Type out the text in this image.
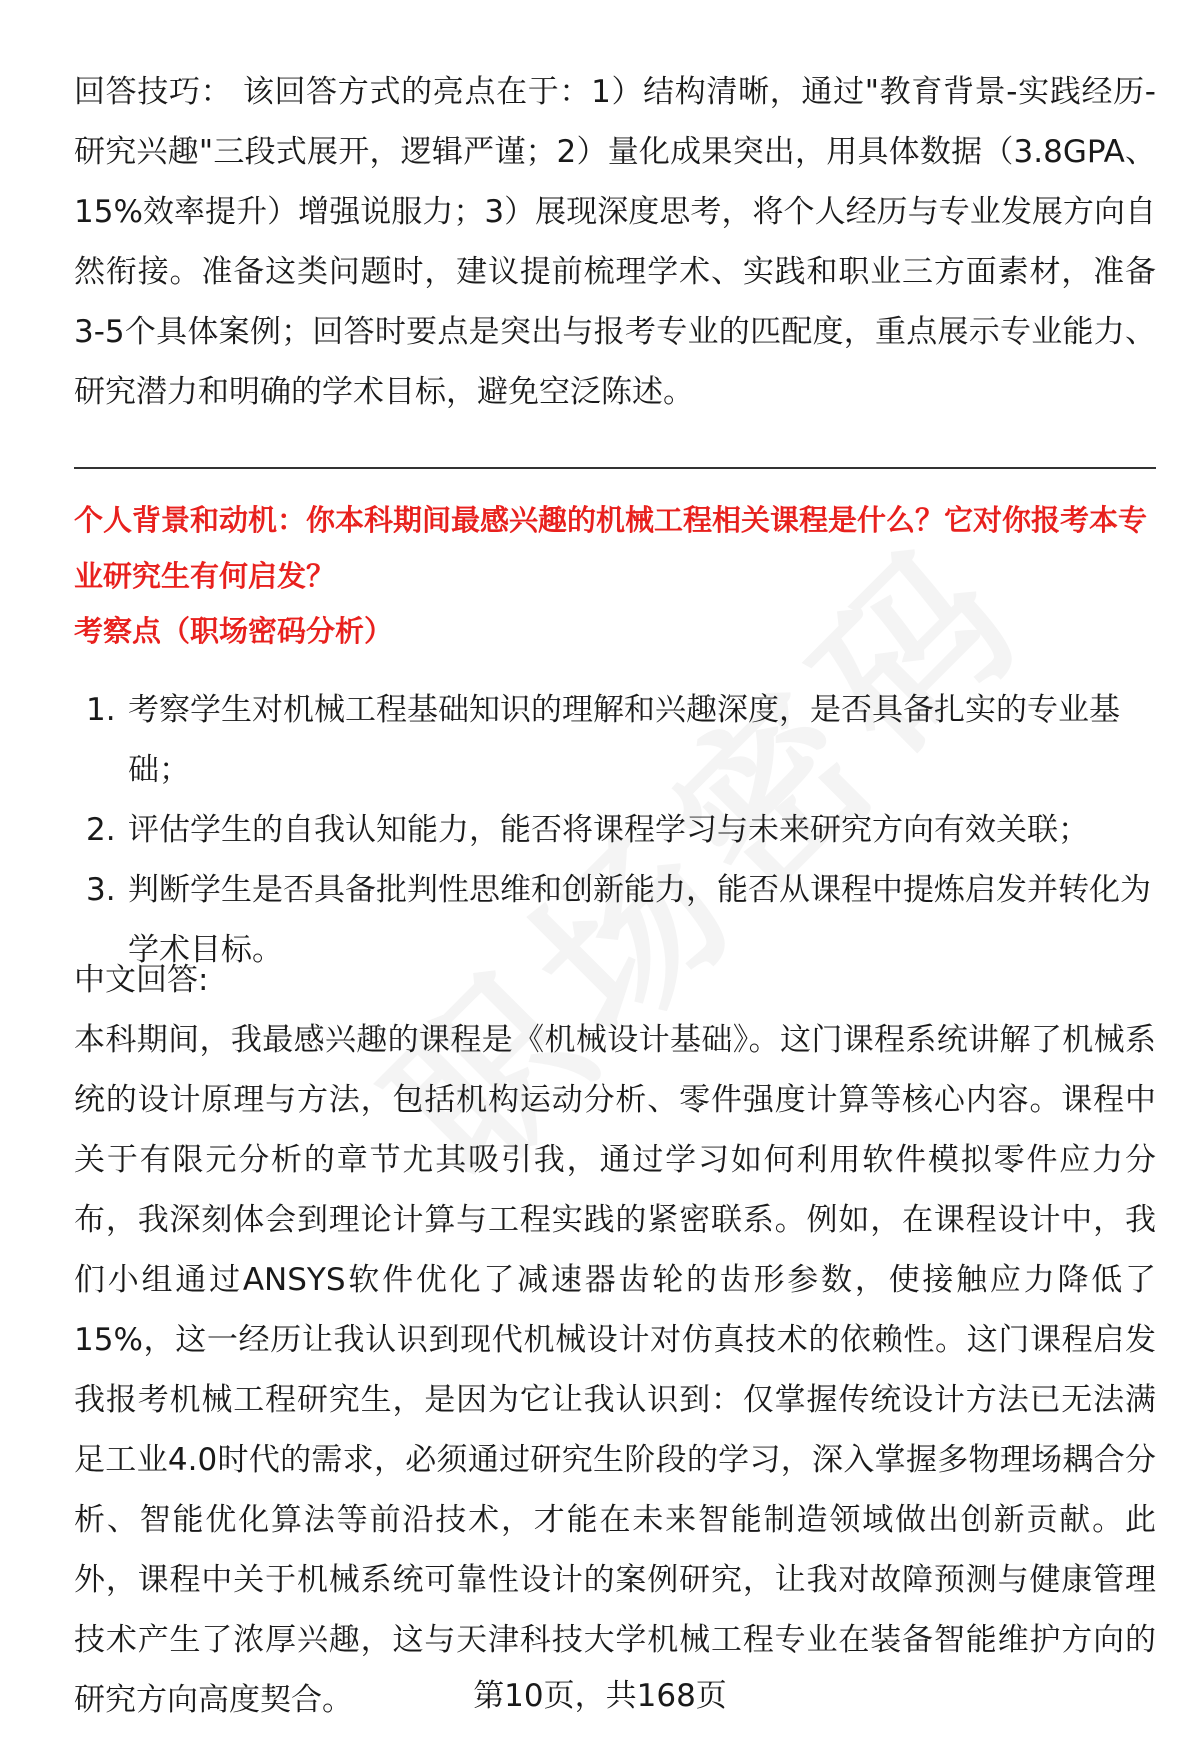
回答技巧： 该回答方式的亮点在于：1）结构清晰，通过"教育背景-实践经历-研究兴趣"三段式展开，逻辑严谨；2）量化成果突出，用具体数据（3.8GPA、15%效率提升）增强说服力；3）展现深度思考，将个人经历与专业发展方向自然衔接。准备这类问题时，建议提前梳理学术、实践和职业三方面素材，准备3-5个具体案例；回答时要点是突出与报考专业的匹配度，重点展示专业能力、研究潜力和明确的学术目标，避免空泛陈述。

个人背景和动机：你本科期间最感兴趣的机械工程相关课程是什么？它对你报考本专业研究生有何启发？

考察点（职场密码分析）

1. 考察学生对机械工程基础知识的理解和兴趣深度，是否具备扎实的专业基础；
2. 评估学生的自我认知能力，能否将课程学习与未来研究方向有效关联；
3. 判断学生是否具备批判性思维和创新能力，能否从课程中提炼启发并转化为学术目标。

中文回答:

本科期间，我最感兴趣的课程是《机械设计基础》。这门课程系统讲解了机械系统的设计原理与方法，包括机构运动分析、零件强度计算等核心内容。课程中关于有限元分析的章节尤其吸引我，通过学习如何利用软件模拟零件应力分布，我深刻体会到理论计算与工程实践的紧密联系。例如，在课程设计中，我们小组通过ANSYS软件优化了减速器齿轮的齿形参数，使接触应力降低了15%，这一经历让我认识到现代机械设计对仿真技术的依赖性。这门课程启发我报考机械工程研究生，是因为它让我认识到：仅掌握传统设计方法已无法满足工业4.0时代的需求，必须通过研究生阶段的学习，深入掌握多物理场耦合分析、智能优化算法等前沿技术，才能在未来智能制造领域做出创新贡献。此外，课程中关于机械系统可靠性设计的案例研究，让我对故障预测与健康管理技术产生了浓厚兴趣，这与天津科技大学机械工程专业在装备智能维护方向的研究方向高度契合。	第10页，共168页
